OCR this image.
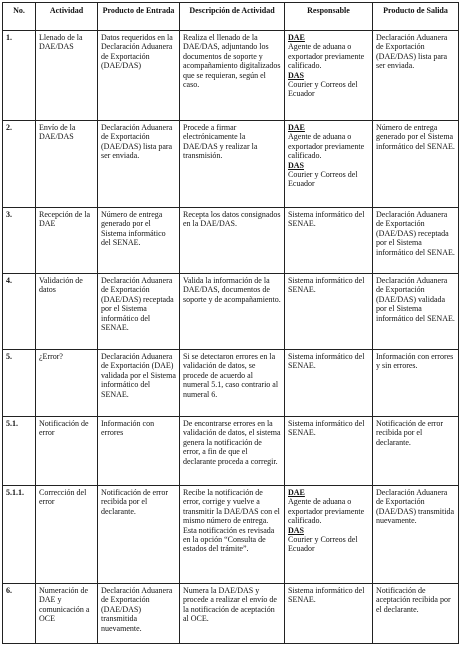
No.	Actividad	Producto de Entrada	Descripción de Actividad	Responsable	Producto de Salida
1.	Llenado de la DAE/DAS	Datos requeridos en la Declaración Aduanera de Exportación (DAE/DAS)	Realiza el llenado de la DAE/DAS, adjuntando los documentos de soporte y acompañamiento digitalizados que se requieran, según el caso.	DAE
Agente de aduana o exportador previamente calificado.
DAS
Courier y Correos del Ecuador	Declaración Aduanera de Exportación (DAE/DAS) lista para ser enviada.
2.	Envío de la DAE/DAS	Declaración Aduanera de Exportación (DAE/DAS) lista para ser enviada.	Procede a firmar electrónicamente la DAE/DAS y realizar la transmisión.	DAE
Agente de aduana o exportador previamente calificado.
DAS
Courier y Correos del Ecuador	Número de entrega generado por el Sistema informático del SENAE.
3.	Recepción de la DAE	Número de entrega generado por el Sistema informático del SENAE.	Recepta los datos consignados en la DAE/DAS.	Sistema informático del SENAE.	Declaración Aduanera de Exportación (DAE/DAS) receptada por el Sistema informático del SENAE.
4.	Validación de datos	Declaración Aduanera de Exportación (DAE/DAS) receptada por el Sistema informático del SENAE.	Valida la información de la DAE/DAS, documentos de soporte y de acompañamiento.	Sistema informático del SENAE.	Declaración Aduanera de Exportación (DAE/DAS) validada por el Sistema informático del SENAE.
5.	¿Error?	Declaración Aduanera de Exportación (DAE) validada por el Sistema informático del SENAE.	Si se detectaron errores en la validación de datos, se procede de acuerdo al numeral 5.1, caso contrario al numeral 6.	Sistema informático del SENAE.	Información con errores y sin errores.
5.1.	Notificación de error	Información con errores	De encontrarse errores en la validación de datos, el sistema genera la notificación de error, a fin de que el declarante proceda a corregir.	Sistema informático del SENAE.	Notificación de error recibida por el declarante.
5.1.1.	Corrección del error	Notificación de error recibida por el declarante.	Recibe la notificación de error, corrige y vuelve a transmitir la DAE/DAS con el mismo número de entrega. Esta notificación es revisada en la opción “Consulta de estados del trámite”.	DAE
Agente de aduana o exportador previamente calificado.
DAS
Courier y Correos del Ecuador	Declaración Aduanera de Exportación (DAE/DAS) transmitida nuevamente.
6.	Numeración de DAE y comunicación a OCE	Declaración Aduanera de Exportación (DAE/DAS) transmitida nuevamente.	Numera la DAE/DAS y procede a realizar el envío de la notificación de aceptación al OCE.	Sistema informático del SENAE.	Notificación de aceptación recibida por el declarante.
